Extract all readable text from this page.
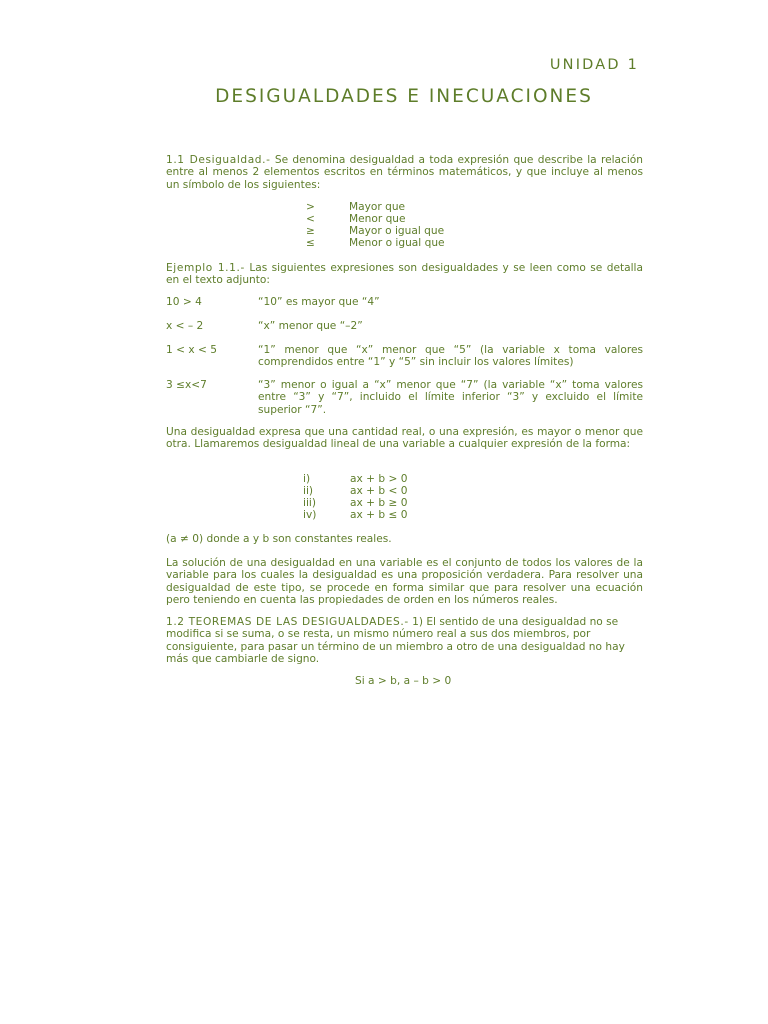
UNIDAD 1
DESIGUALDADES E INECUACIONES

1.1 Desigualdad.- Se denomina desigualdad a toda expresión que describe la relación entre al menos 2 elementos escritos en términos matemáticos, y que incluye al menos un símbolo de los siguientes:

>	Mayor que
<	Menor que
≥	Mayor o igual que
≤	Menor o igual que

Ejemplo 1.1.- Las siguientes expresiones son desigualdades y se leen como se detalla en el texto adjunto:

10 > 4	“10” es mayor que “4”
x < – 2	“x” menor que “–2”
1 < x < 5	“1” menor que “x” menor que “5” (la variable x toma valores comprendidos entre “1” y “5” sin incluir los valores límites)
3 ≤x<7	“3” menor o igual a “x” menor que “7” (la variable “x” toma valores entre “3” y “7”, incluido el límite inferior “3” y excluido el límite superior “7”.

Una desigualdad expresa que una cantidad real, o una expresión, es mayor o menor que otra. Llamaremos desigualdad lineal de una variable a cualquier expresión de la forma:

i)	ax + b > 0
ii)	ax + b < 0
iii)	ax + b ≥ 0
iv)	ax + b ≤ 0

(a ≠ 0) donde a y b son constantes reales.

La solución de una desigualdad en una variable es el conjunto de todos los valores de la variable para los cuales la desigualdad es una proposición verdadera. Para resolver una desigualdad de este tipo, se procede en forma similar que para resolver una ecuación pero teniendo en cuenta las propiedades de orden en los números reales.

1.2 TEOREMAS DE LAS DESIGUALDADES.- 1) El sentido de una desigualdad no se modifica si se suma, o se resta, un mismo número real a sus dos miembros, por consiguiente, para pasar un término de un miembro a otro de una desigualdad no hay más que cambiarle de signo.

Si a > b, a – b > 0
